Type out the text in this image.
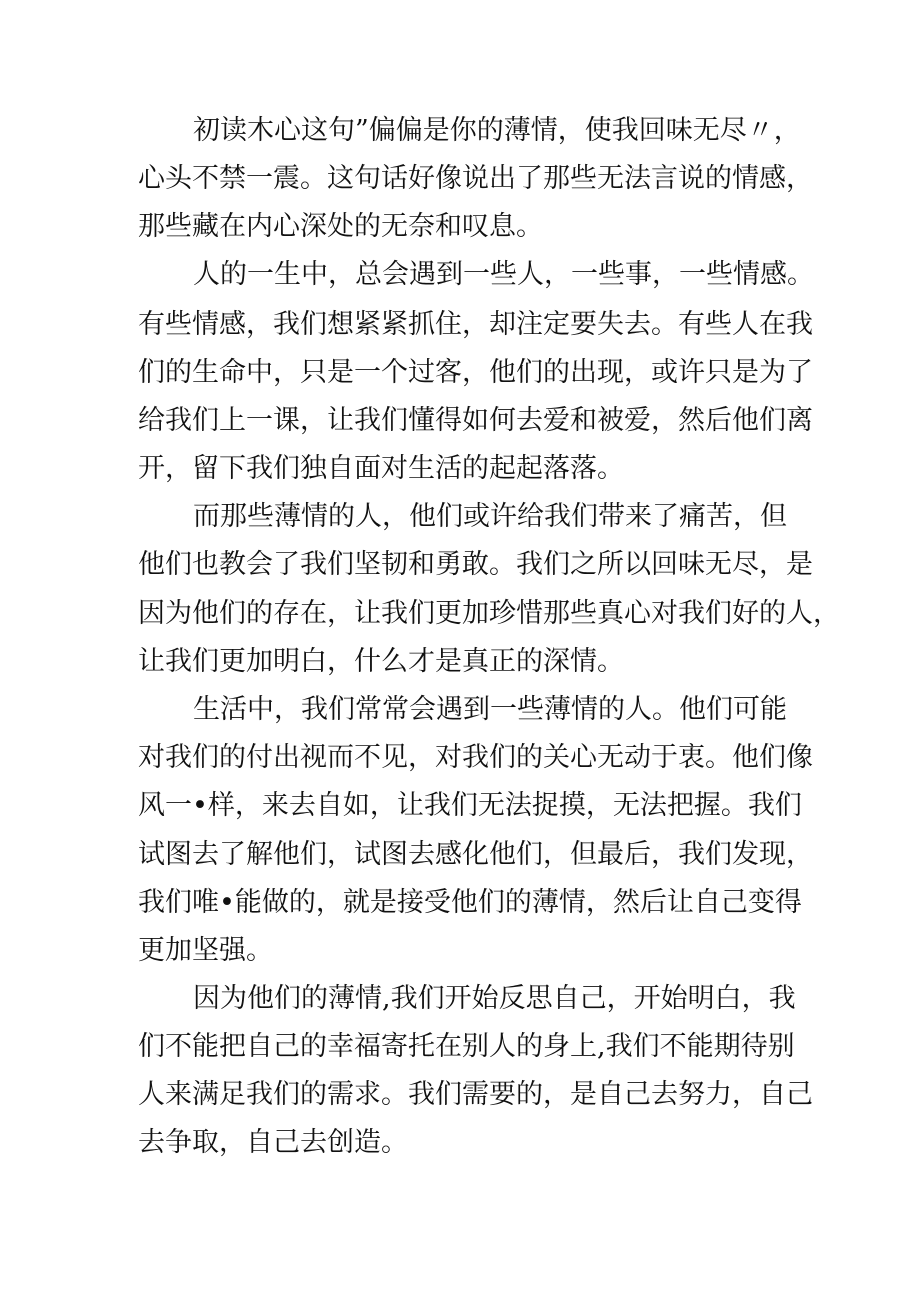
初读木心这句”偏偏是你的薄情，使我回味无尽〃，
心头不禁一震。这句话好像说出了那些无法言说的情感，
那些藏在内心深处的无奈和叹息。
人的一生中，总会遇到一些人，一些事，一些情感。
有些情感，我们想紧紧抓住，却注定要失去。有些人在我
们的生命中，只是一个过客，他们的出现，或许只是为了
给我们上一课，让我们懂得如何去爱和被爱，然后他们离
开，留下我们独自面对生活的起起落落。
而那些薄情的人，他们或许给我们带来了痛苦，但
他们也教会了我们坚韧和勇敢。我们之所以回味无尽，是
因为他们的存在，让我们更加珍惜那些真心对我们好的人，
让我们更加明白，什么才是真正的深情。
生活中，我们常常会遇到一些薄情的人。他们可能
对我们的付出视而不见，对我们的关心无动于衷。他们像
风一•样，来去自如，让我们无法捉摸，无法把握。我们
试图去了解他们，试图去感化他们，但最后，我们发现，
我们唯•能做的，就是接受他们的薄情，然后让自己变得
更加坚强。
因为他们的薄情,我们开始反思自己，开始明白，我
们不能把自己的幸福寄托在别人的身上,我们不能期待别
人来满足我们的需求。我们需要的，是自己去努力，自己
去争取，自己去创造。
